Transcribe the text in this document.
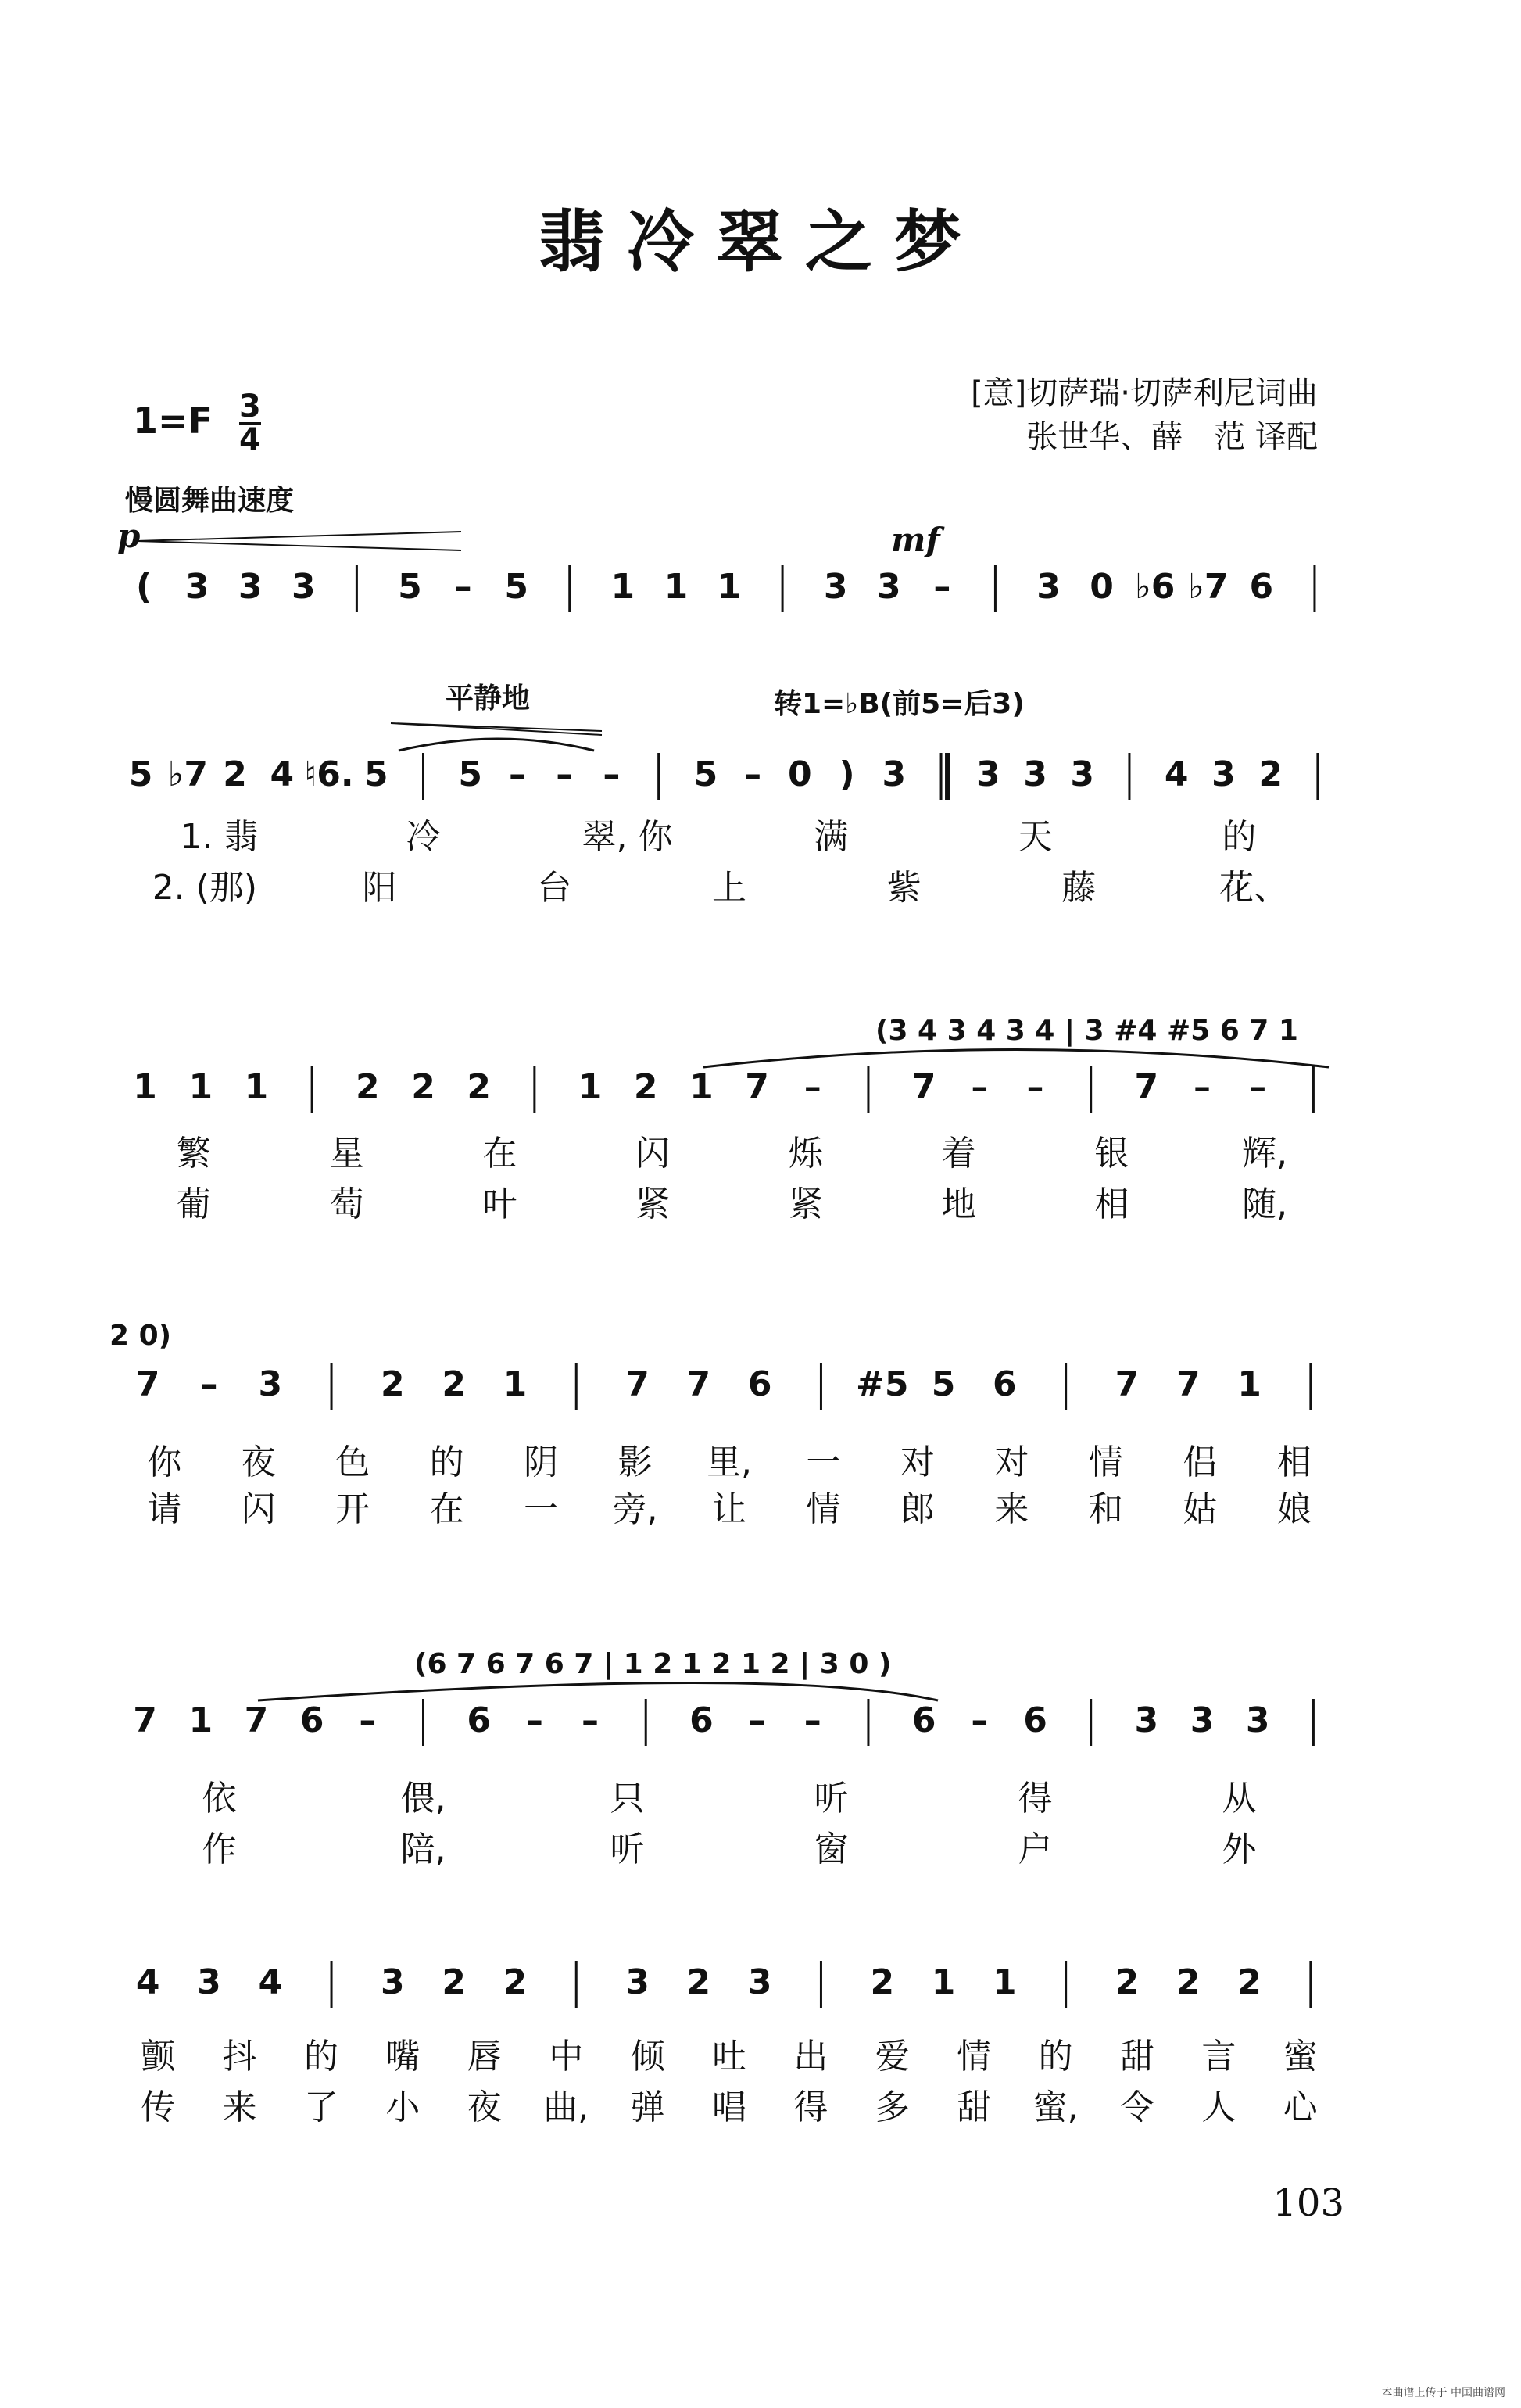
翡冷翠之梦
$1=F \frac{3}{4}$	[意]切萨瑞·切萨利尼词曲
张世华、薛　范 译配
慢圆舞曲速度
( 3 3 3 5 – 5 1 1 1 3 3 – 3 0 ♭6 ♭7 6
p	mf
5 ♭7 2 4 ♮6. 5 5 – – – 5 – 0 ) 3 3 3 3 4 3 2
1. 翡	冷	翠, 你	满	天	的
2. (那)	阳	台	上	紫	藤	花、
平静地	转1=♭B(前5=后3)
1 1 1	2 2 2	1 2 1 7 –	7 – –	7 – –
繁	星	在	闪	烁	着	银	辉,
葡	萄	叶	紧	紧	地	相	随,
(3 4 3 4 3 4 | 3 #4 #5 6 7 1
7 – 3	2 2 1	7 7 6 #5 5 6	7 7 1
你 夜 色 的 阴 影 里, 一 对 对 情 侣 相
请 闪 开 在 一 旁, 让 情 郎 来 和 姑 娘
2 0)
7 1 7 6 –	6 – –	6 – –	6 – 6	3 3 3
依	偎,	只	听	得	从
作	陪,	听	窗	户	外
(6 7 6 7 6 7 | 1 2 1 2 1 2 | 3 0 )
4 3 4	3 2 2	3 2 3	2 1 1	2 2 2
颤 抖 的 嘴 唇 中 倾 吐 出 爱 情 的 甜 言 蜜
传 来 了 小 夜 曲, 弹 唱 得 多 甜 蜜, 令 人 心
103
本曲谱上传于 中国曲谱网
